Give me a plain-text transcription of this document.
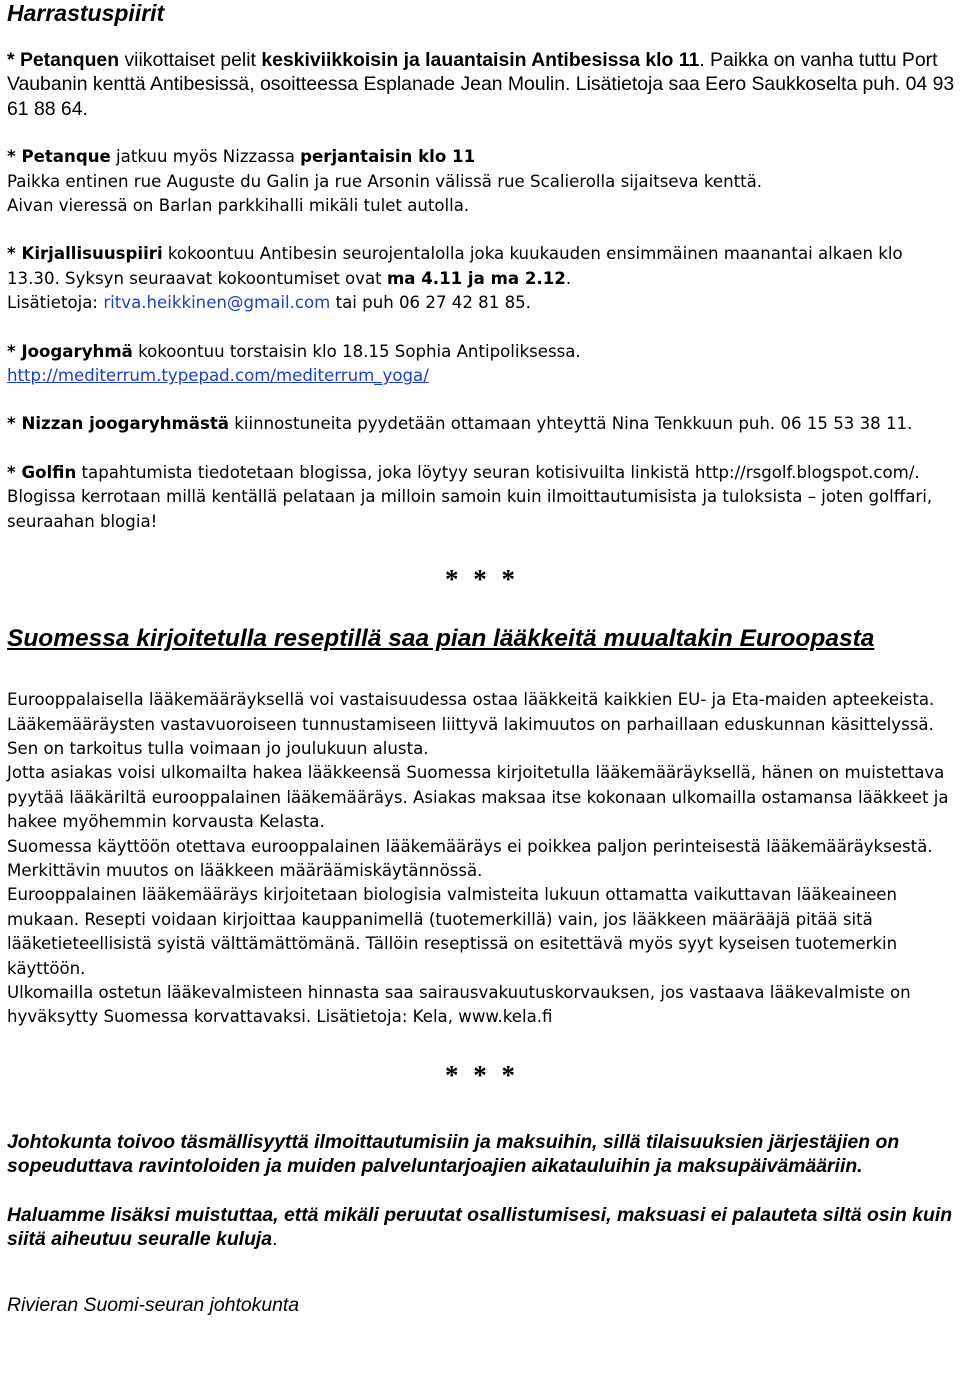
Harrastuspiirit

* Petanquen viikottaiset pelit keskiviikkoisin ja lauantaisin Antibesissa klo 11. Paikka on vanha tuttu Port Vaubanin kenttä Antibesissä, osoitteessa Esplanade Jean Moulin. Lisätietoja saa Eero Saukkoselta puh. 04 93 61 88 64.

* Petanque jatkuu myös Nizzassa perjantaisin klo 11

Paikka entinen rue Auguste du Galin ja rue Arsonin välissä rue Scalierolla sijaitseva kenttä.

Aivan vieressä on Barlan parkkihalli mikäli tulet autolla.

* Kirjallisuuspiiri kokoontuu Antibesin seurojentalolla joka kuukauden ensimmäinen maanantai alkaen klo 13.30. Syksyn seuraavat kokoontumiset ovat ma 4.11 ja ma 2.12.
Lisätietoja: ritva.heikkinen@gmail.com tai puh 06 27 42 81 85.

* Joogaryhmä kokoontuu torstaisin klo 18.15 Sophia Antipoliksessa.

http://mediterrum.typepad.com/mediterrum_yoga/

* Nizzan joogaryhmästä kiinnostuneita pyydetään ottamaan yhteyttä Nina Tenkkuun puh. 06 15 53 38 11.

* Golfin tapahtumista tiedotetaan blogissa, joka löytyy seuran kotisivuilta linkistä http://rsgolf.blogspot.com/. Blogissa kerrotaan millä kentällä pelataan ja milloin samoin kuin ilmoittautumisista ja tuloksista – joten golffari, seuraahan blogia!

* * *
Suomessa kirjoitetulla reseptillä saa pian lääkkeitä muualtakin Euroopasta

Eurooppalaisella lääkemääräyksellä voi vastaisuudessa ostaa lääkkeitä kaikkien EU- ja Eta-maiden apteekeista. Lääkemääräysten vastavuoroiseen tunnustamiseen liittyvä lakimuutos on parhaillaan eduskunnan käsittelyssä. Sen on tarkoitus tulla voimaan jo joulukuun alusta.

Jotta asiakas voisi ulkomailta hakea lääkkeensä Suomessa kirjoitetulla lääkemääräyksellä, hänen on muistettava pyytää lääkäriltä eurooppalainen lääkemääräys. Asiakas maksaa itse kokonaan ulkomailla ostamansa lääkkeet ja hakee myöhemmin korvausta Kelasta.

Suomessa käyttöön otettava eurooppalainen lääkemääräys ei poikkea paljon perinteisestä lääkemääräyksestä. Merkittävin muutos on lääkkeen määräämiskäytännössä.

Eurooppalainen lääkemääräys kirjoitetaan biologisia valmisteita lukuun ottamatta vaikuttavan lääkeaineen mukaan. Resepti voidaan kirjoittaa kauppanimellä (tuotemerkillä) vain, jos lääkkeen määrääjä pitää sitä lääketieteellisistä syistä välttämättömänä. Tällöin reseptissä on esitettävä myös syyt kyseisen tuotemerkin käyttöön.

Ulkomailla ostetun lääkevalmisteen hinnasta saa sairausvakuutuskorvauksen, jos vastaava lääkevalmiste on hyväksytty Suomessa korvattavaksi. Lisätietoja: Kela, www.kela.fi

* * *

Johtokunta toivoo täsmällisyyttä ilmoittautumisiin ja maksuihin, sillä tilaisuuksien järjestäjien on sopeuduttava ravintoloiden ja muiden palveluntarjoajien aikatauluihin ja maksupäivämääriin.

Haluamme lisäksi muistuttaa, että mikäli peruutat osallistumisesi, maksuasi ei palauteta siltä osin kuin siitä aiheutuu seuralle kuluja.

Rivieran Suomi-seuran johtokunta
